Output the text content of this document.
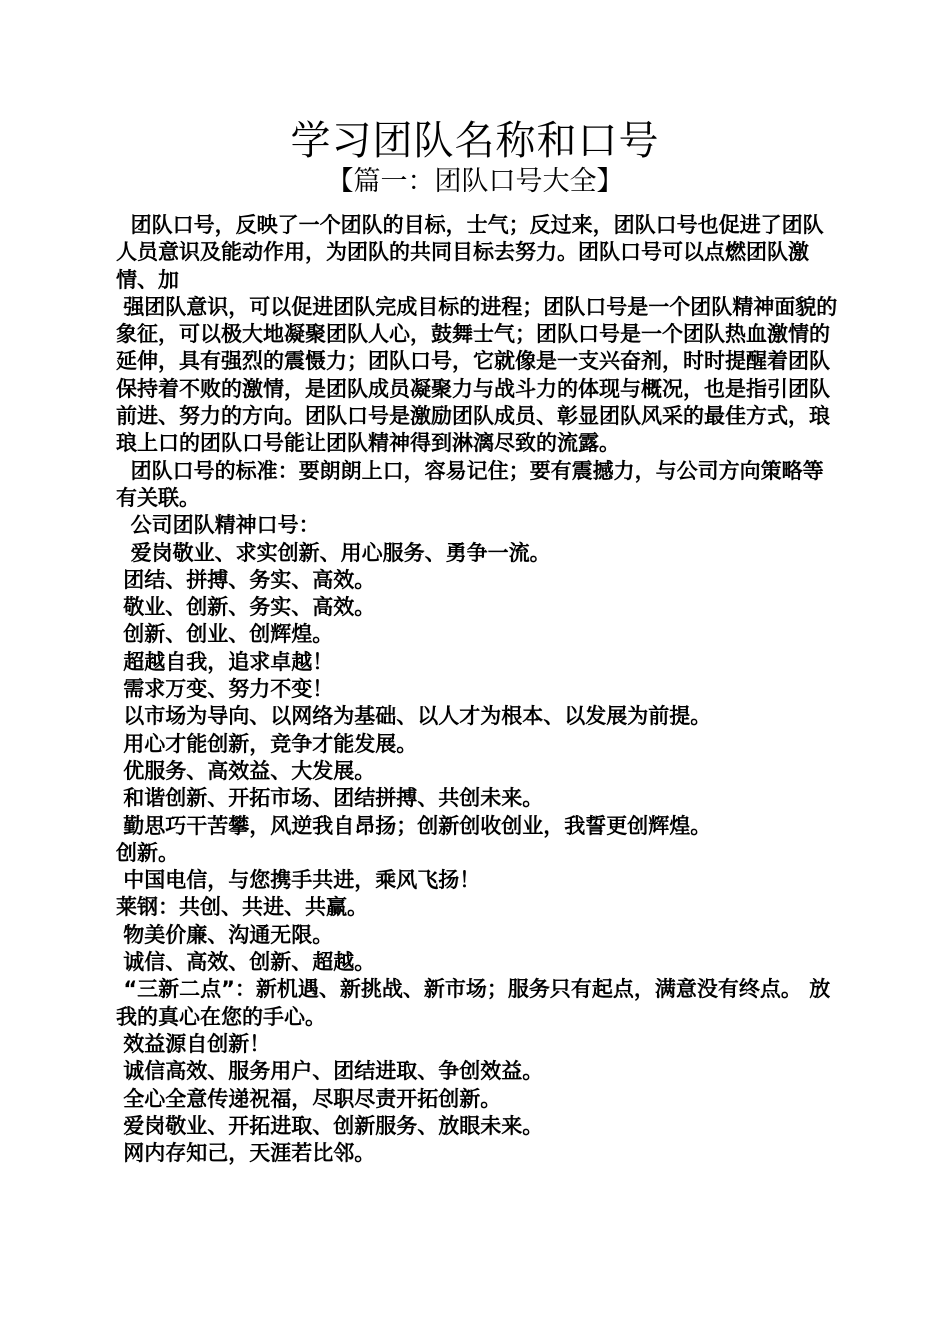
学习团队名称和口号
【篇一：团队口号大全】

团队口号，反映了一个团队的目标，士气；反过来，团队口号也促进了团队人员意识及能动作用，为团队的共同目标去努力。团队口号可以点燃团队激情、加

强团队意识，可以促进团队完成目标的进程；团队口号是一个团队精神面貌的象征，可以极大地凝聚团队人心，鼓舞士气；团队口号是一个团队热血激情的延伸，具有强烈的震慑力；团队口号，它就像是一支兴奋剂，时时提醒着团队保持着不败的激情，是团队成员凝聚力与战斗力的体现与概况，也是指引团队前进、努力的方向。团队口号是激励团队成员、彰显团队风采的最佳方式，琅琅上口的团队口号能让团队精神得到淋漓尽致的流露。

团队口号的标准：要朗朗上口，容易记住；要有震撼力，与公司方向策略等有关联。

公司团队精神口号：

爱岗敬业、求实创新、用心服务、勇争一流。

团结、拼搏、务实、高效。

敬业、创新、务实、高效。

创新、创业、创辉煌。

超越自我，追求卓越！

需求万变、努力不变！

以市场为导向、以网络为基础、以人才为根本、以发展为前提。

用心才能创新，竞争才能发展。

优服务、高效益、大发展。

和谐创新、开拓市场、团结拼搏、共创未来。

勤思巧干苦攀，风逆我自昂扬；创新创收创业，我誓更创辉煌。

创新。

中国电信，与您携手共进，乘风飞扬！

莱钢：共创、共进、共赢。

物美价廉、沟通无限。

诚信、高效、创新、超越。

“三新二点”：新机遇、新挑战、新市场；服务只有起点，满意没有终点。 放我的真心在您的手心。

效益源自创新！

诚信高效、服务用户、团结进取、争创效益。

全心全意传递祝福，尽职尽责开拓创新。

爱岗敬业、开拓进取、创新服务、放眼未来。

网内存知己，天涯若比邻。
